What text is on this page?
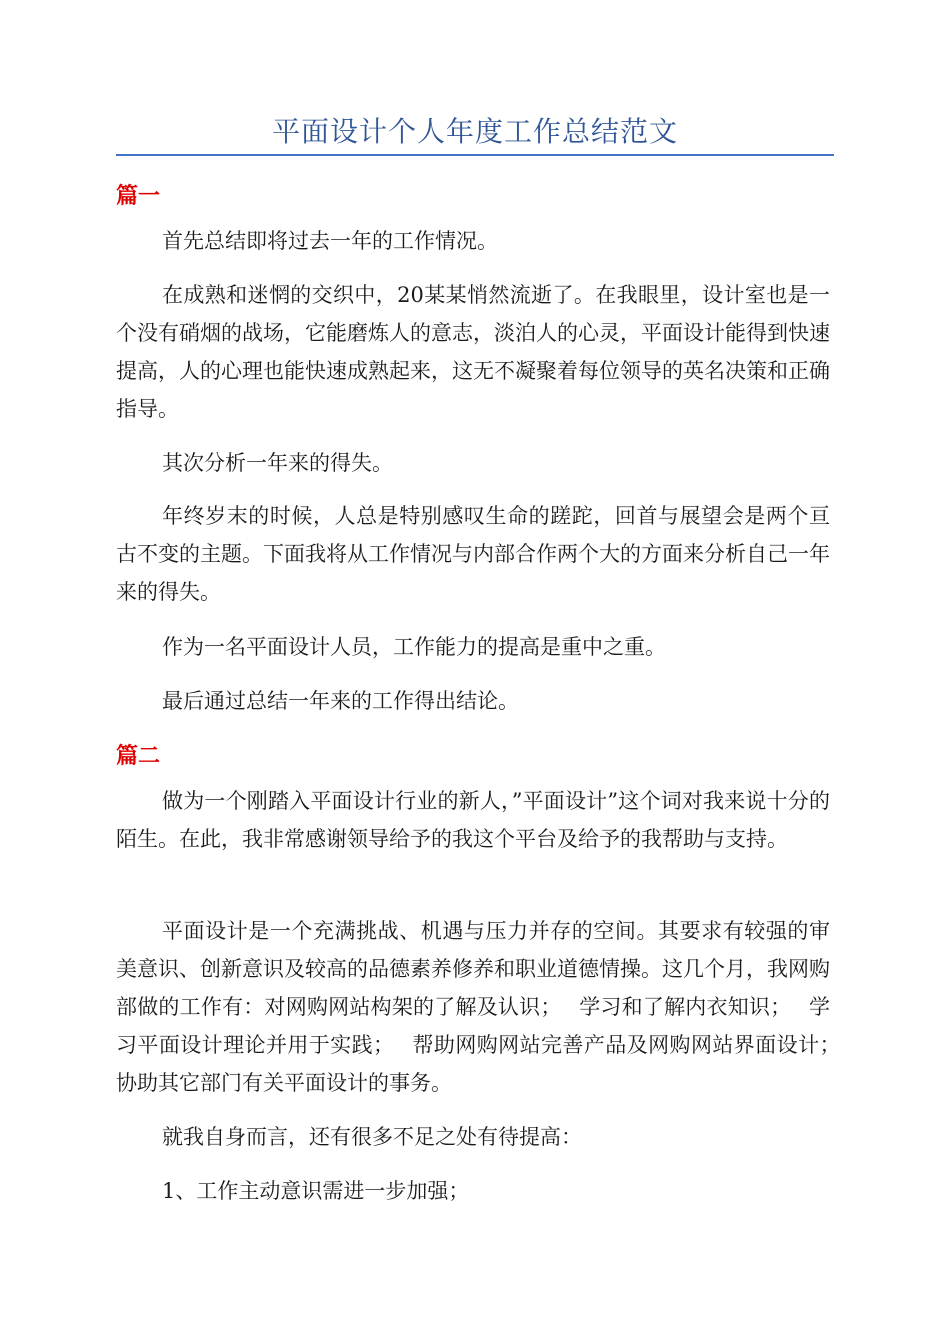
平面设计个人年度工作总结范文
篇一

首先总结即将过去一年的工作情况。

在成熟和迷惘的交织中，20某某悄然流逝了。在我眼里，设计室也是一个没有硝烟的战场，它能磨炼人的意志，淡泊人的心灵，平面设计能得到快速提高，人的心理也能快速成熟起来，这无不凝聚着每位领导的英名决策和正确指导。

其次分析一年来的得失。

年终岁末的时候，人总是特别感叹生命的蹉跎，回首与展望会是两个亘古不变的主题。下面我将从工作情况与内部合作两个大的方面来分析自己一年来的得失。

作为一名平面设计人员，工作能力的提高是重中之重。

最后通过总结一年来的工作得出结论。

篇二

做为一个刚踏入平面设计行业的新人，”平面设计”这个词对我来说十分的陌生。在此，我非常感谢领导给予的我这个平台及给予的我帮助与支持。

平面设计是一个充满挑战、机遇与压力并存的空间。其要求有较强的审美意识、创新意识及较高的品德素养修养和职业道德情操。这几个月，我网购部做的工作有：对网购网站构架的了解及认识；　 学习和了解内衣知识；　 学习平面设计理论并用于实践；　 帮助网购网站完善产品及网购网站界面设计；　协助其它部门有关平面设计的事务。

就我自身而言，还有很多不足之处有待提高：

1、工作主动意识需进一步加强；
